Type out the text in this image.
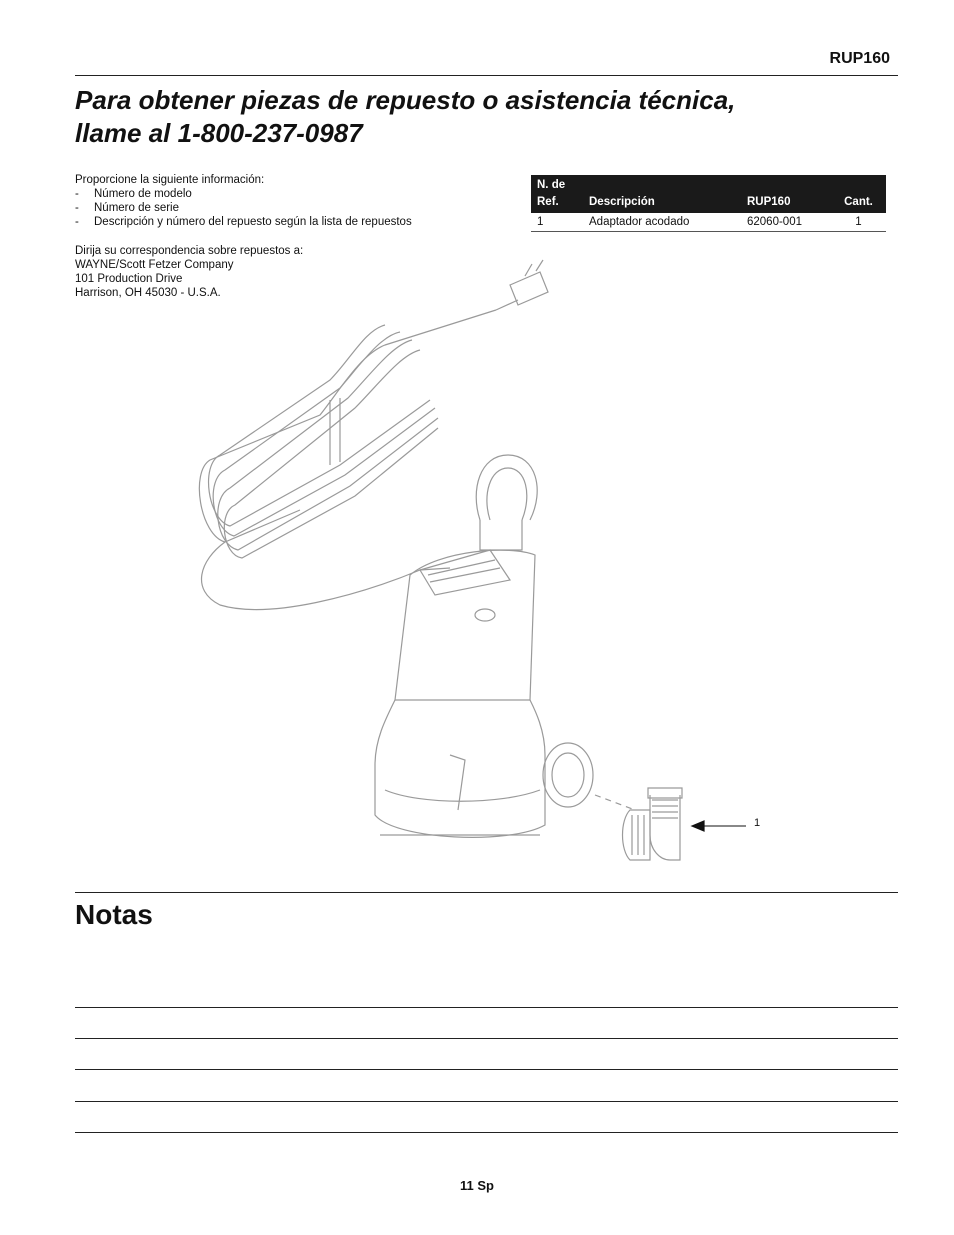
RUP160
Para obtener piezas de repuesto o asistencia técnica,
llame al 1-800-237-0987
Proporcione la siguiente información:
- Número de modelo
- Número de serie
- Descripción y número del repuesto según la lista de repuestos
Dirija su correspondencia sobre repuestos a:
WAYNE/Scott Fetzer Company
101 Production Drive
Harrison, OH 45030 - U.S.A.
N. de
Ref.	Descripción	RUP160	Cant.
1	Adaptador acodado	62060-001	1
1
Notas
11 Sp
